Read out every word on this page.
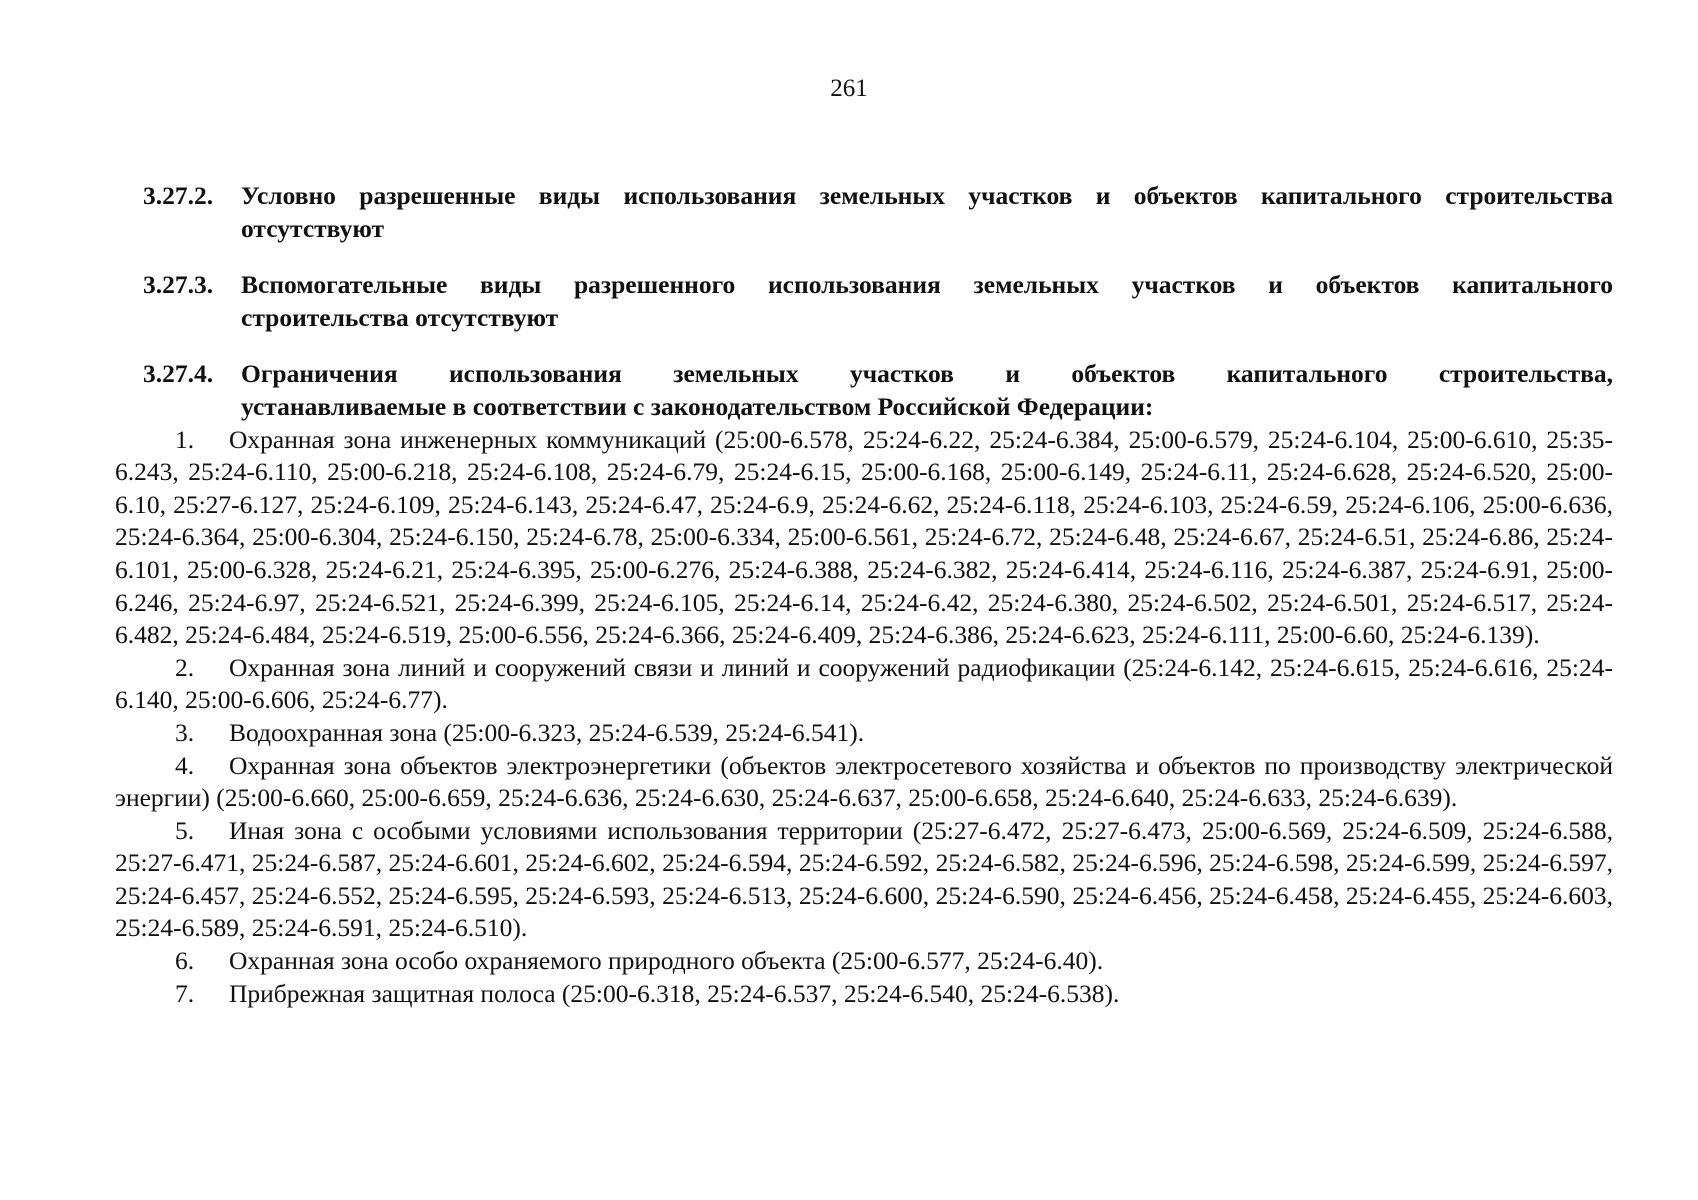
261
3.27.2.	Условно разрешенные виды использования земельных участков и объектов капитального строительства
отсутствуют
3.27.3.	Вспомогательные виды разрешенного использования земельных участков и объектов капитального
строительства отсутствуют
3.27.4.	Ограничения использования земельных участков и объектов капитального строительства,
устанавливаемые в соответствии с законодательством Российской Федерации:
1. Охранная зона инженерных коммуникаций (25:00-6.578, 25:24-6.22, 25:24-6.384, 25:00-6.579, 25:24-6.104, 25:00-6.610, 25:35-6.243, 25:24-6.110, 25:00-6.218, 25:24-6.108, 25:24-6.79, 25:24-6.15, 25:00-6.168, 25:00-6.149, 25:24-6.11, 25:24-6.628, 25:24-6.520, 25:00-6.10, 25:27-6.127, 25:24-6.109, 25:24-6.143, 25:24-6.47, 25:24-6.9, 25:24-6.62, 25:24-6.118, 25:24-6.103, 25:24-6.59, 25:24-6.106, 25:00-6.636, 25:24-6.364, 25:00-6.304, 25:24-6.150, 25:24-6.78, 25:00-6.334, 25:00-6.561, 25:24-6.72, 25:24-6.48, 25:24-6.67, 25:24-6.51, 25:24-6.86, 25:24-6.101, 25:00-6.328, 25:24-6.21, 25:24-6.395, 25:00-6.276, 25:24-6.388, 25:24-6.382, 25:24-6.414, 25:24-6.116, 25:24-6.387, 25:24-6.91, 25:00-6.246, 25:24-6.97, 25:24-6.521, 25:24-6.399, 25:24-6.105, 25:24-6.14, 25:24-6.42, 25:24-6.380, 25:24-6.502, 25:24-6.501, 25:24-6.517, 25:24-6.482, 25:24-6.484, 25:24-6.519, 25:00-6.556, 25:24-6.366, 25:24-6.409, 25:24-6.386, 25:24-6.623, 25:24-6.111, 25:00-6.60, 25:24-6.139).
2. Охранная зона линий и сооружений связи и линий и сооружений радиофикации (25:24-6.142, 25:24-6.615, 25:24-6.616, 25:24-6.140, 25:00-6.606, 25:24-6.77).
3. Водоохранная зона (25:00-6.323, 25:24-6.539, 25:24-6.541).
4. Охранная зона объектов электроэнергетики (объектов электросетевого хозяйства и объектов по производству электрической энергии) (25:00-6.660, 25:00-6.659, 25:24-6.636, 25:24-6.630, 25:24-6.637, 25:00-6.658, 25:24-6.640, 25:24-6.633, 25:24-6.639).
5. Иная зона с особыми условиями использования территории (25:27-6.472, 25:27-6.473, 25:00-6.569, 25:24-6.509, 25:24-6.588, 25:27-6.471, 25:24-6.587, 25:24-6.601, 25:24-6.602, 25:24-6.594, 25:24-6.592, 25:24-6.582, 25:24-6.596, 25:24-6.598, 25:24-6.599, 25:24-6.597, 25:24-6.457, 25:24-6.552, 25:24-6.595, 25:24-6.593, 25:24-6.513, 25:24-6.600, 25:24-6.590, 25:24-6.456, 25:24-6.458, 25:24-6.455, 25:24-6.603, 25:24-6.589, 25:24-6.591, 25:24-6.510).
6. Охранная зона особо охраняемого природного объекта (25:00-6.577, 25:24-6.40).
7. Прибрежная защитная полоса (25:00-6.318, 25:24-6.537, 25:24-6.540, 25:24-6.538).
